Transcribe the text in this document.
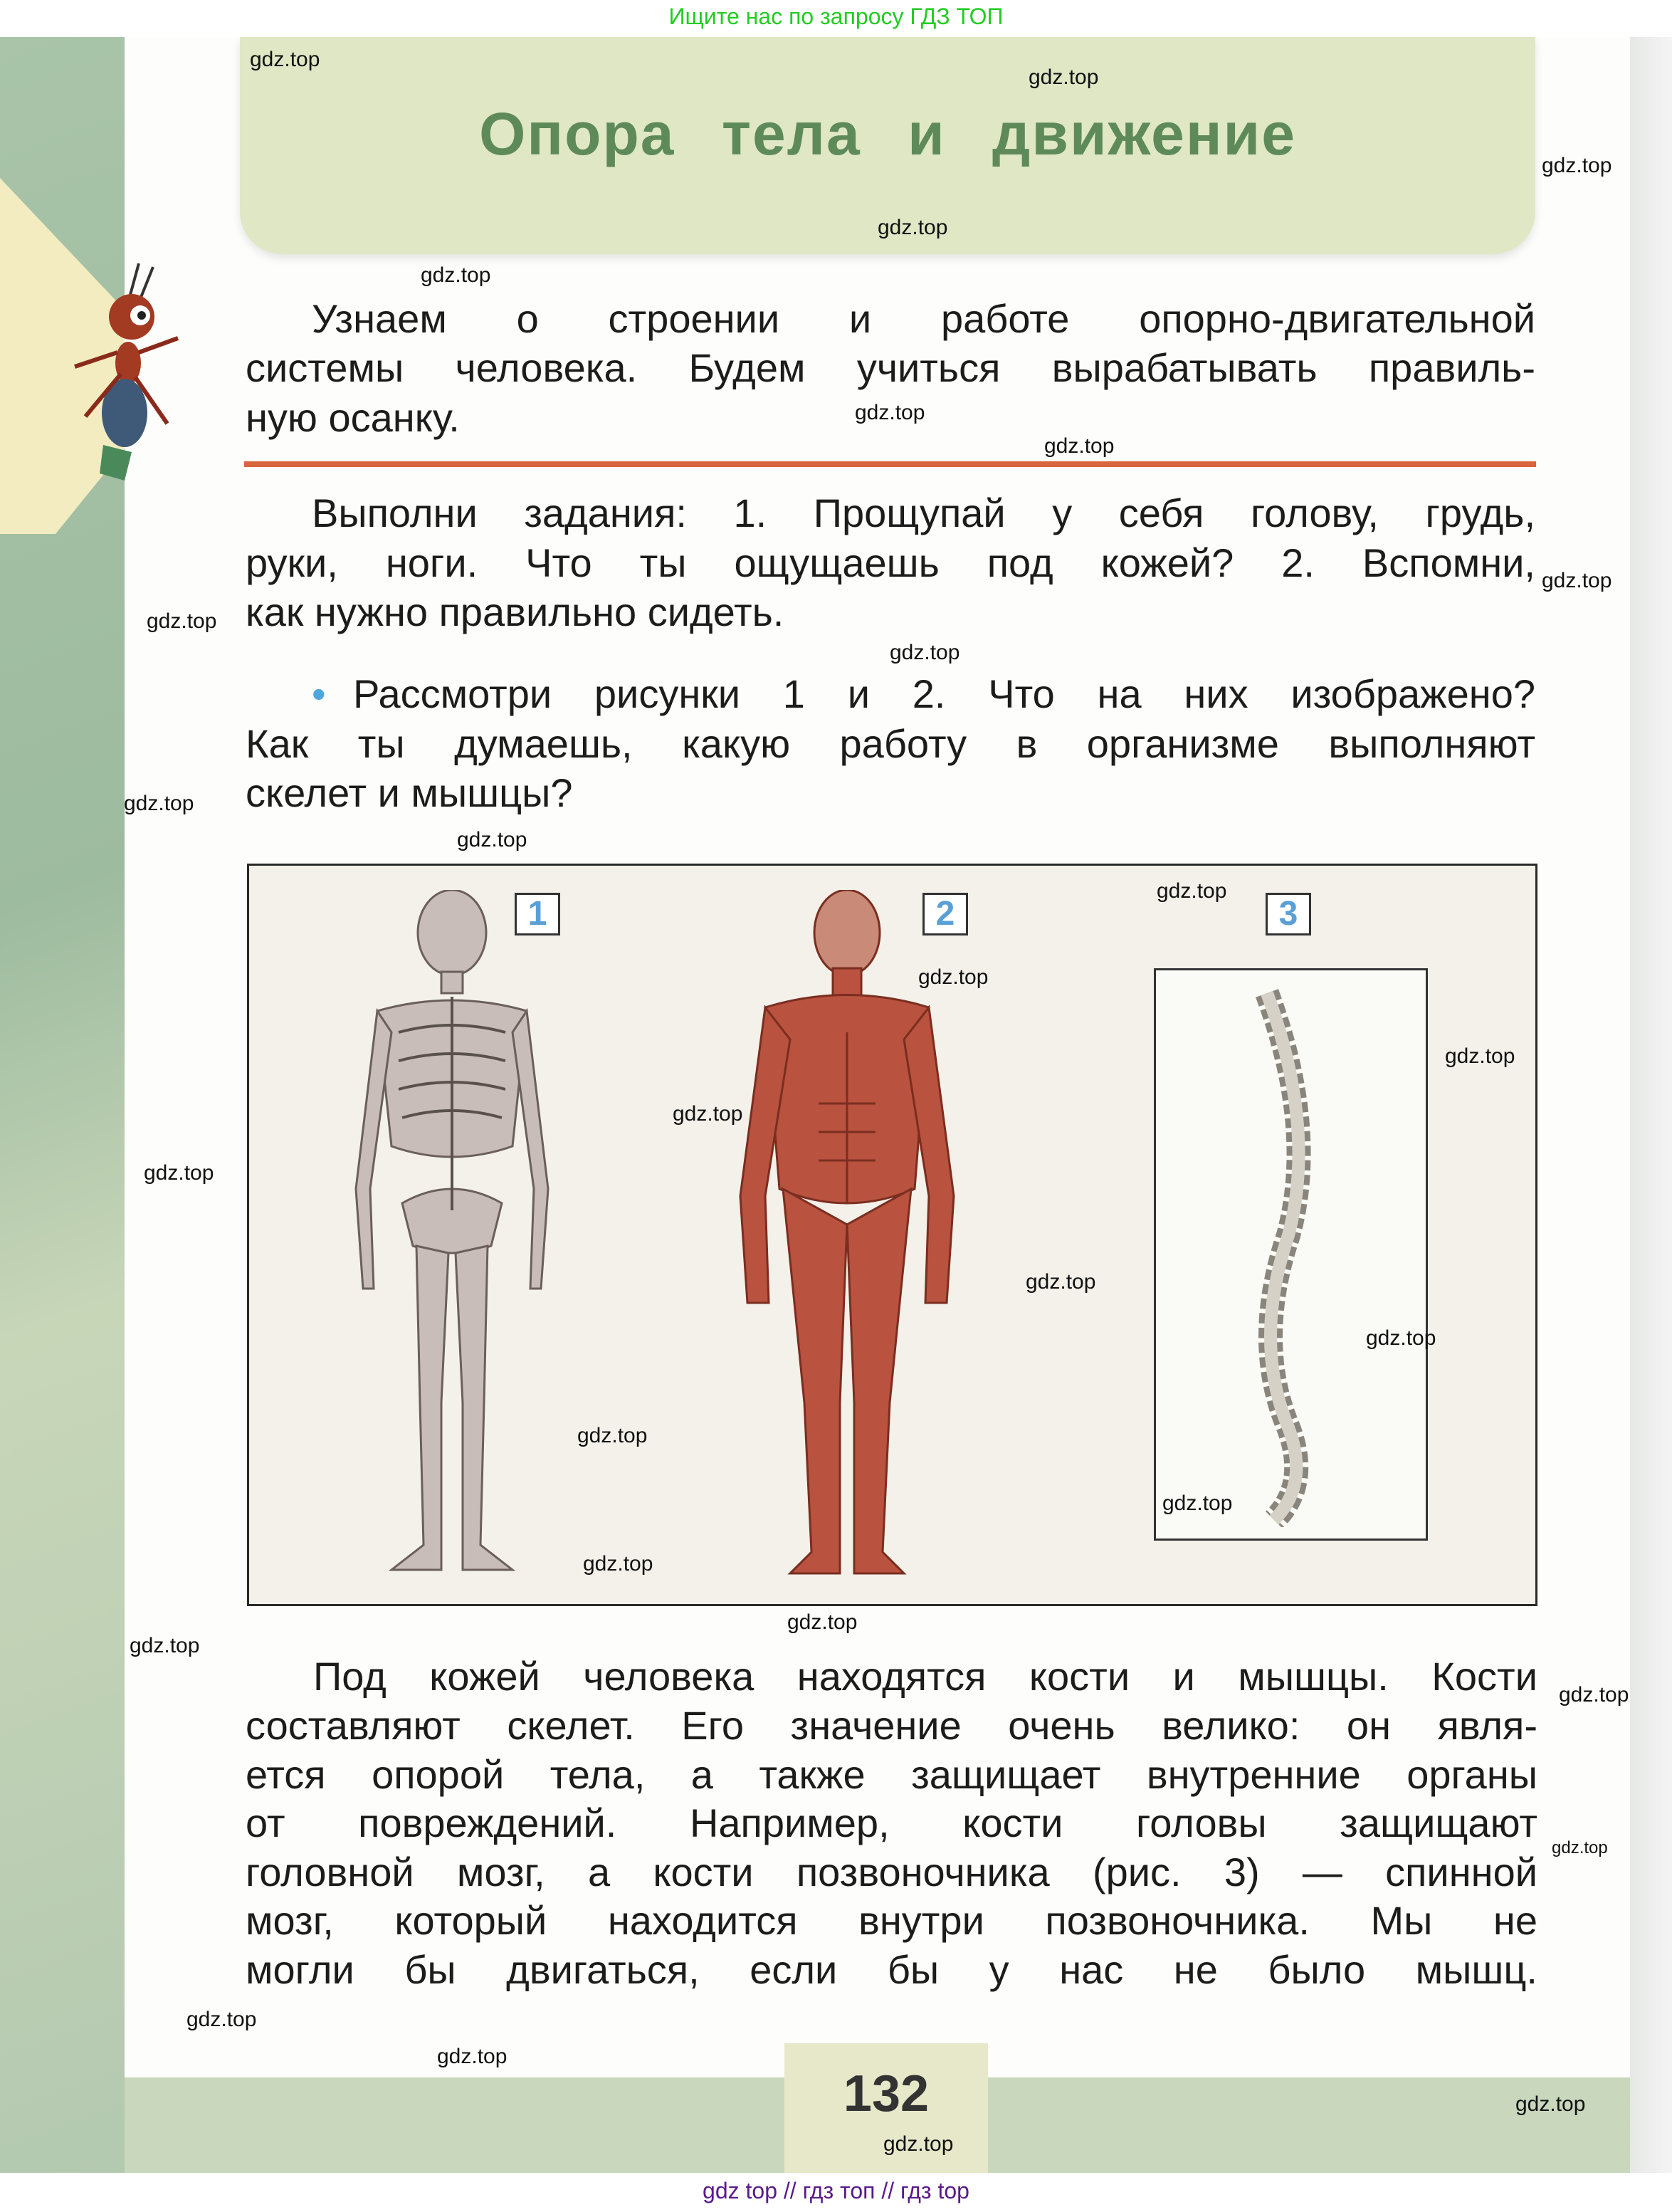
Ищите нас по запросу ГДЗ ТОП
Опора тела и движение
Узнаем о строении и работе опорно-двигательной
системы человека. Будем учиться вырабатывать правиль-
ную осанку.
Выполни задания: 1. Прощупай у себя голову, грудь,
руки, ноги. Что ты ощущаешь под кожей? 2. Вспомни,
как нужно правильно сидеть.
• Рассмотри рисунки 1 и 2. Что на них изображено?
Как ты думаешь, какую работу в организме выполняют
скелет и мышцы?
1	2	3
Под кожей человека находятся кости и мышцы. Кости
составляют скелет. Его значение очень велико: он явля-
ется опорой тела, а также защищает внутренние органы
от повреждений. Например, кости головы защищают
головной мозг, а кости позвоночника (рис. 3) — спинной
мозг, который находится внутри позвоночника. Мы не
могли бы двигаться, если бы у нас не было мышц.
132
gdz top // гдз топ // гдз top
gdz.top
gdz.top
gdz.top
gdz.top
gdz.top
gdz.top
gdz.top
gdz.top
gdz.top
gdz.top
gdz.top
gdz.top
gdz.top
gdz.top
gdz.top
gdz.top
gdz.top
gdz.top
gdz.top
gdz.top
gdz.top
gdz.top
gdz.top
gdz.top
gdz.top
gdz.top
gdz.top
gdz.top
gdz.top
gdz.top
